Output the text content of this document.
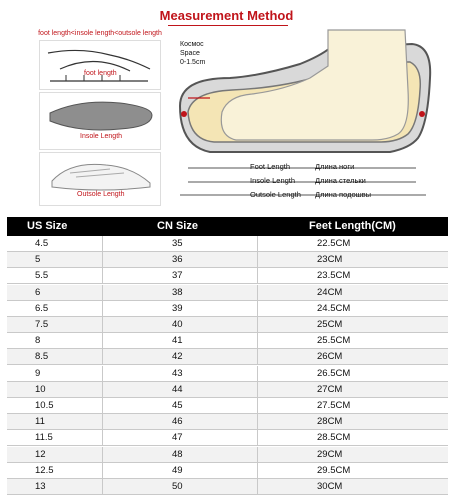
Measurement Method
foot length<insole length<outsole length
foot length
Insole Length
Outsole Length
Космос
Space
0-1.5cm
Foot Length
Insole Length
Outsole Length
Длина ноги
Длина стельки
Длина подошвы
US Size	CN Size	Feet Length(CM)
4.5	35	22.5CM
5	36	23CM
5.5	37	23.5CM
6	38	24CM
6.5	39	24.5CM
7.5	40	25CM
8	41	25.5CM
8.5	42	26CM
9	43	26.5CM
10	44	27CM
10.5	45	27.5CM
11	46	28CM
11.5	47	28.5CM
12	48	29CM
12.5	49	29.5CM
13	50	30CM
